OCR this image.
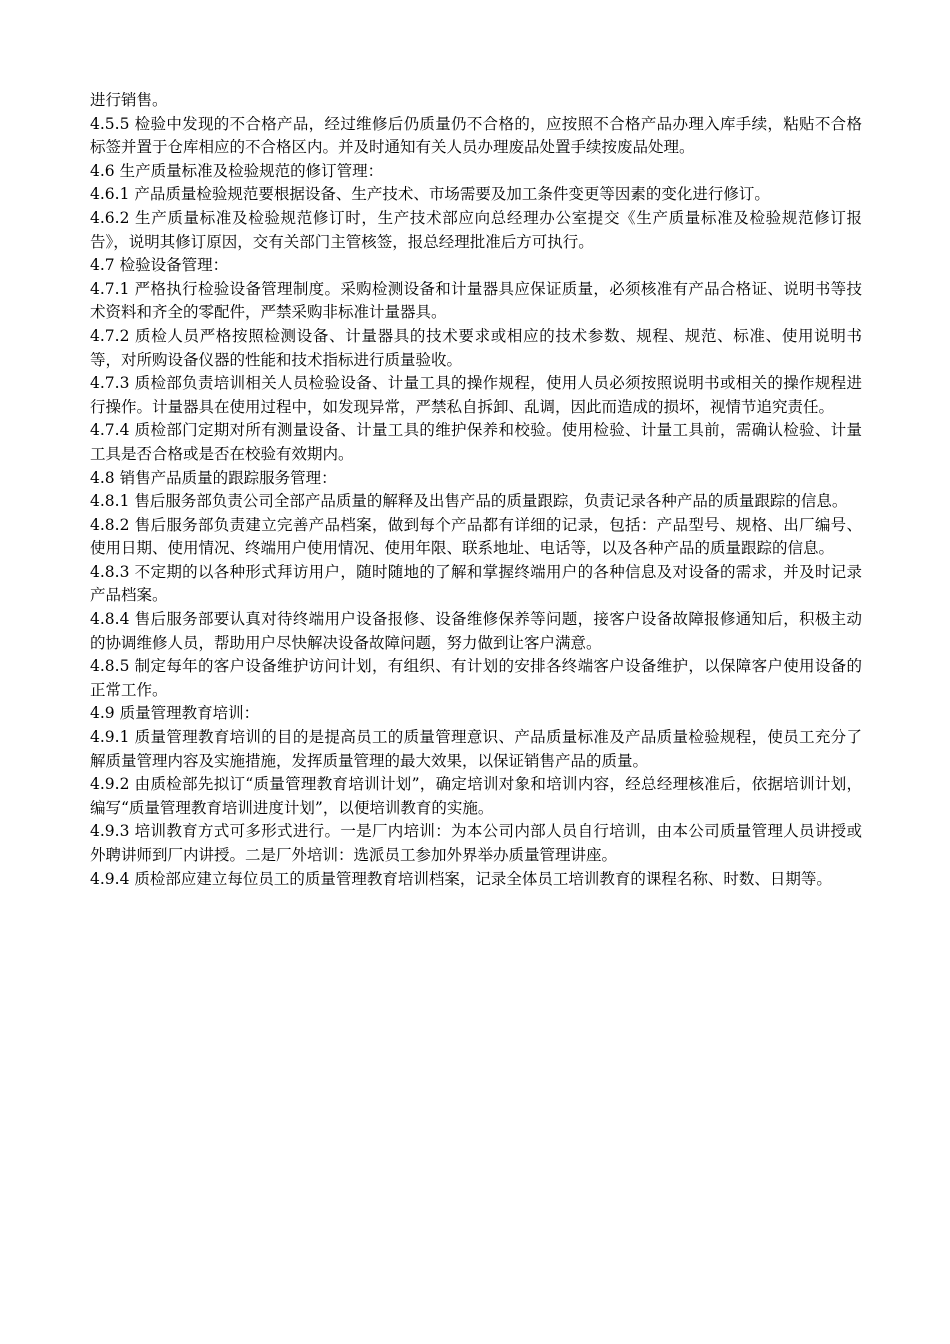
进行销售。

4.5.5 检验中发现的不合格产品，经过维修后仍质量仍不合格的，应按照不合格产品办理入库手续，粘贴不合格标签并置于仓库相应的不合格区内。并及时通知有关人员办理废品处置手续按废品处理。

4.6 生产质量标准及检验规范的修订管理：

4.6.1 产品质量检验规范要根据设备、生产技术、市场需要及加工条件变更等因素的变化进行修订。

4.6.2 生产质量标准及检验规范修订时，生产技术部应向总经理办公室提交《生产质量标准及检验规范修订报告》，说明其修订原因，交有关部门主管核签，报总经理批准后方可执行。

4.7 检验设备管理：

4.7.1 严格执行检验设备管理制度。采购检测设备和计量器具应保证质量，必须核准有产品合格证、说明书等技术资料和齐全的零配件，严禁采购非标准计量器具。

4.7.2 质检人员严格按照检测设备、计量器具的技术要求或相应的技术参数、规程、规范、标准、使用说明书等，对所购设备仪器的性能和技术指标进行质量验收。

4.7.3 质检部负责培训相关人员检验设备、计量工具的操作规程，使用人员必须按照说明书或相关的操作规程进行操作。计量器具在使用过程中，如发现异常，严禁私自拆卸、乱调，因此而造成的损坏，视情节追究责任。

4.7.4 质检部门定期对所有测量设备、计量工具的维护保养和校验。使用检验、计量工具前，需确认检验、计量工具是否合格或是否在校验有效期内。

4.8 销售产品质量的跟踪服务管理：

4.8.1 售后服务部负责公司全部产品质量的解释及出售产品的质量跟踪，负责记录各种产品的质量跟踪的信息。

4.8.2 售后服务部负责建立完善产品档案，做到每个产品都有详细的记录，包括：产品型号、规格、出厂编号、使用日期、使用情况、终端用户使用情况、使用年限、联系地址、电话等，以及各种产品的质量跟踪的信息。

4.8.3 不定期的以各种形式拜访用户，随时随地的了解和掌握终端用户的各种信息及对设备的需求，并及时记录产品档案。

4.8.4 售后服务部要认真对待终端用户设备报修、设备维修保养等问题，接客户设备故障报修通知后，积极主动的协调维修人员，帮助用户尽快解决设备故障问题，努力做到让客户满意。

4.8.5 制定每年的客户设备维护访问计划，有组织、有计划的安排各终端客户设备维护，以保障客户使用设备的正常工作。

4.9 质量管理教育培训：

4.9.1 质量管理教育培训的目的是提高员工的质量管理意识、产品质量标准及产品质量检验规程，使员工充分了解质量管理内容及实施措施，发挥质量管理的最大效果，以保证销售产品的质量。

4.9.2 由质检部先拟订“质量管理教育培训计划”，确定培训对象和培训内容，经总经理核准后，依据培训计划，编写“质量管理教育培训进度计划”，以便培训教育的实施。

4.9.3 培训教育方式可多形式进行。一是厂内培训：为本公司内部人员自行培训，由本公司质量管理人员讲授或外聘讲师到厂内讲授。二是厂外培训：选派员工参加外界举办质量管理讲座。

4.9.4 质检部应建立每位员工的质量管理教育培训档案，记录全体员工培训教育的课程名称、时数、日期等。
